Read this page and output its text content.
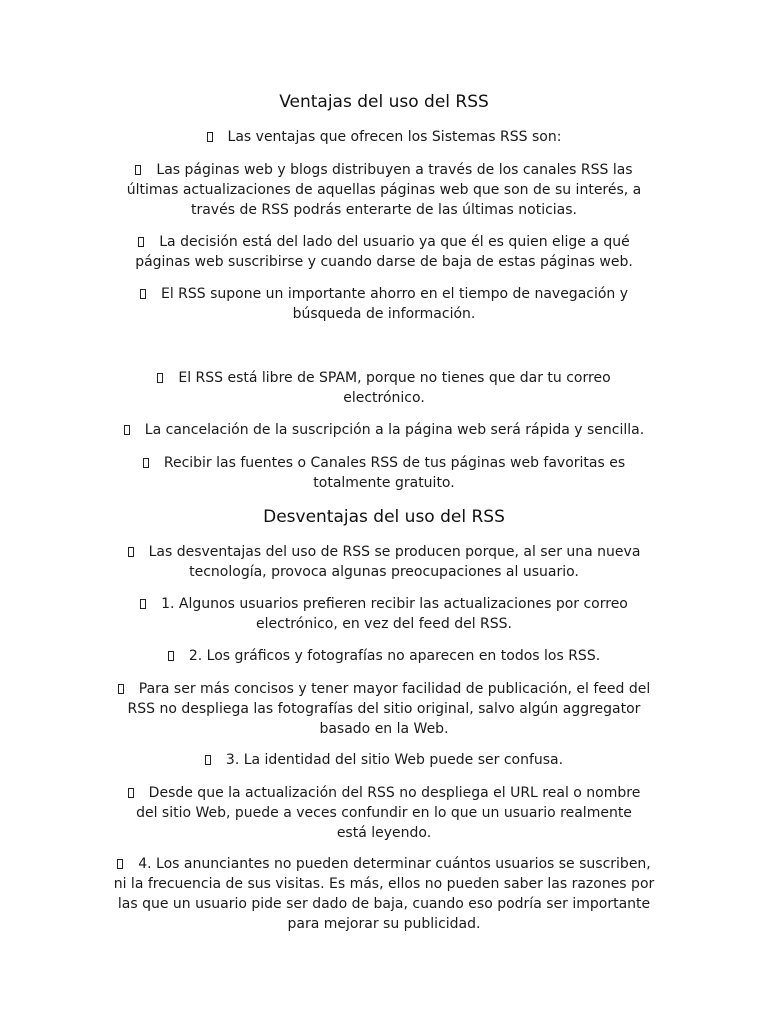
Ventajas del uso del RSS

Las ventajas que ofrecen los Sistemas RSS son:

Las páginas web y blogs distribuyen a través de los canales RSS las últimas actualizaciones de aquellas páginas web que son de su interés, a través de RSS podrás enterarte de las últimas noticias.

La decisión está del lado del usuario ya que él es quien elige a qué páginas web suscribirse y cuando darse de baja de estas páginas web.

El RSS supone un importante ahorro en el tiempo de navegación y búsqueda de información.

El RSS está libre de SPAM, porque no tienes que dar tu correo electrónico.

La cancelación de la suscripción a la página web será rápida y sencilla.

Recibir las fuentes o Canales RSS de tus páginas web favoritas es totalmente gratuito.

Desventajas del uso del RSS

Las desventajas del uso de RSS se producen porque, al ser una nueva tecnología, provoca algunas preocupaciones al usuario.

1. Algunos usuarios prefieren recibir las actualizaciones por correo electrónico, en vez del feed del RSS.

2. Los gráficos y fotografías no aparecen en todos los RSS.

Para ser más concisos y tener mayor facilidad de publicación, el feed del RSS no despliega las fotografías del sitio original, salvo algún aggregator basado en la Web.

3. La identidad del sitio Web puede ser confusa.

Desde que la actualización del RSS no despliega el URL real o nombre del sitio Web, puede a veces confundir en lo que un usuario realmente está leyendo.

4. Los anunciantes no pueden determinar cuántos usuarios se suscriben, ni la frecuencia de sus visitas. Es más, ellos no pueden saber las razones por las que un usuario pide ser dado de baja, cuando eso podría ser importante para mejorar su publicidad.
